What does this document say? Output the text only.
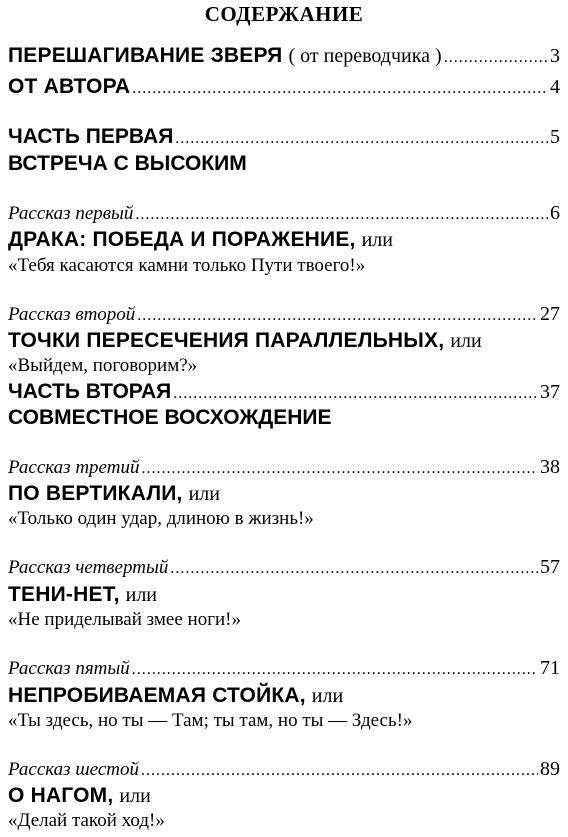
СОДЕРЖАНИЕ
ПЕРЕШАГИВАНИЕ ЗВЕРЯ ( от переводчика ) .....	3
ОТ АВТОРА .....	4
ЧАСТЬ ПЕРВАЯ .....	5
ВСТРЕЧА С ВЫСОКИМ
Рассказ первый .....	6
ДРАКА: ПОБЕДА И ПОРАЖЕНИЕ, или
«Тебя касаются камни только Пути твоего!»
Рассказ второй .....	27
ТОЧКИ ПЕРЕСЕЧЕНИЯ ПАРАЛЛЕЛЬНЫХ, или
«Выйдем, поговорим?»
ЧАСТЬ ВТОРАЯ .....	37
СОВМЕСТНОЕ ВОСХОЖДЕНИЕ
Рассказ третий .....	38
ПО ВЕРТИКАЛИ, или
«Только один удар, длиною в жизнь!»
Рассказ четвертый .....	57
ТЕНИ-НЕТ, или
«Не приделывай змее ноги!»
Рассказ пятый .....	71
НЕПРОБИВАЕМАЯ СТОЙКА, или
«Ты здесь, но ты — Там; ты там, но ты — Здесь!»
Рассказ шестой .....	89
О НАГОМ, или
«Делай такой ход!»
